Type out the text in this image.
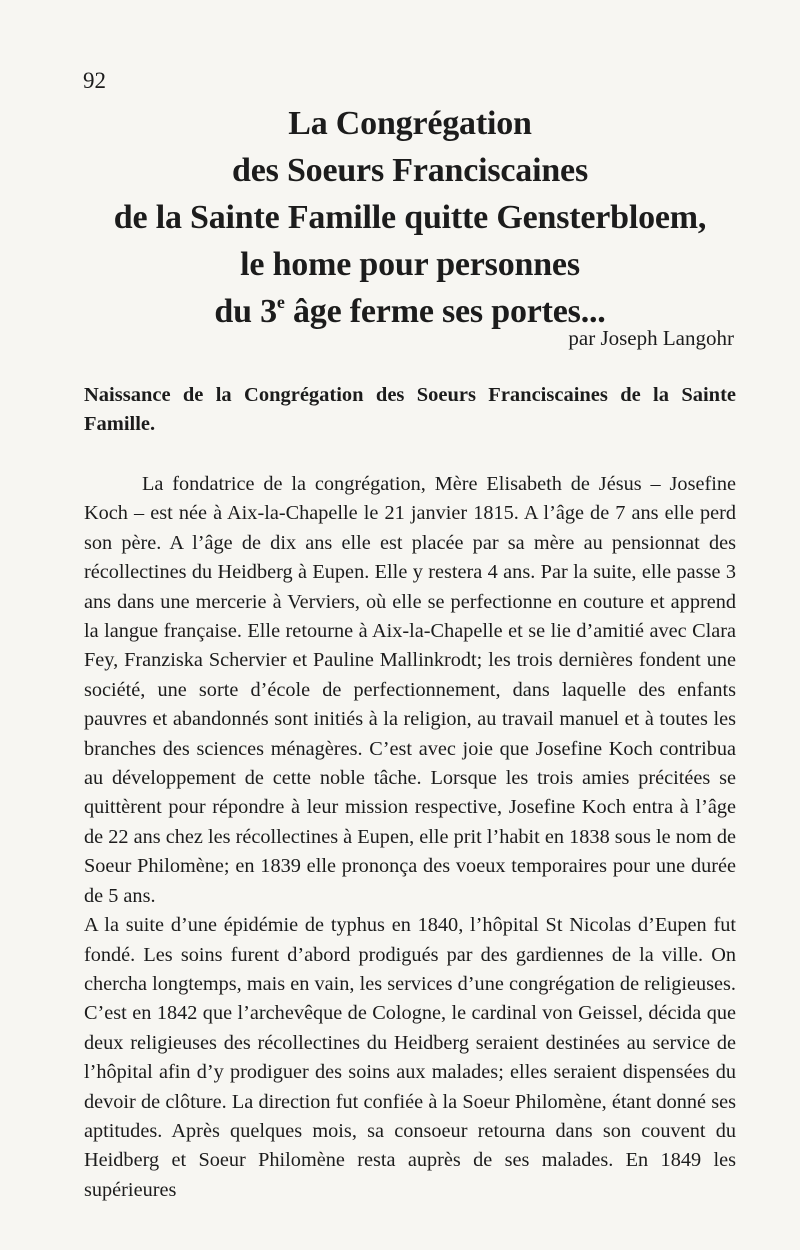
92
La Congrégation
des Soeurs Franciscaines
de la Sainte Famille quitte Gensterbloem,
le home pour personnes
du 3e âge ferme ses portes...
par Joseph Langohr
Naissance de la Congrégation des Soeurs Franciscaines de la Sainte Famille.

La fondatrice de la congrégation, Mère Elisabeth de Jésus – Josefine Koch – est née à Aix-la-Chapelle le 21 janvier 1815. A l’âge de 7 ans elle perd son père. A l’âge de dix ans elle est placée par sa mère au pensionnat des récollectines du Heidberg à Eupen. Elle y restera 4 ans. Par la suite, elle passe 3 ans dans une mercerie à Verviers, où elle se perfectionne en couture et apprend la langue française. Elle retourne à Aix-la-Chapelle et se lie d’amitié avec Clara Fey, Franziska Schervier et Pauline Mallinkrodt; les trois dernières fondent une société, une sorte d’école de perfectionnement, dans laquelle des enfants pauvres et abandonnés sont initiés à la religion, au travail manuel et à toutes les branches des sciences ménagères. C’est avec joie que Josefine Koch contribua au développement de cette noble tâche. Lorsque les trois amies précitées se quittèrent pour répondre à leur mission respective, Josefine Koch entra à l’âge de 22 ans chez les récollectines à Eupen, elle prit l’habit en 1838 sous le nom de Soeur Philomène; en 1839 elle prononça des voeux temporaires pour une durée de 5 ans.

A la suite d’une épidémie de typhus en 1840, l’hôpital St Nicolas d’Eupen fut fondé. Les soins furent d’abord prodigués par des gardiennes de la ville. On chercha longtemps, mais en vain, les services d’une congrégation de religieuses. C’est en 1842 que l’archevêque de Cologne, le cardinal von Geissel, décida que deux religieuses des récollectines du Heidberg seraient destinées au service de l’hôpital afin d’y prodiguer des soins aux malades; elles seraient dispensées du devoir de clôture. La direction fut confiée à la Soeur Philomène, étant donné ses aptitudes. Après quelques mois, sa consoeur retourna dans son couvent du Heidberg et Soeur Philomène resta auprès de ses malades. En 1849 les supérieures
